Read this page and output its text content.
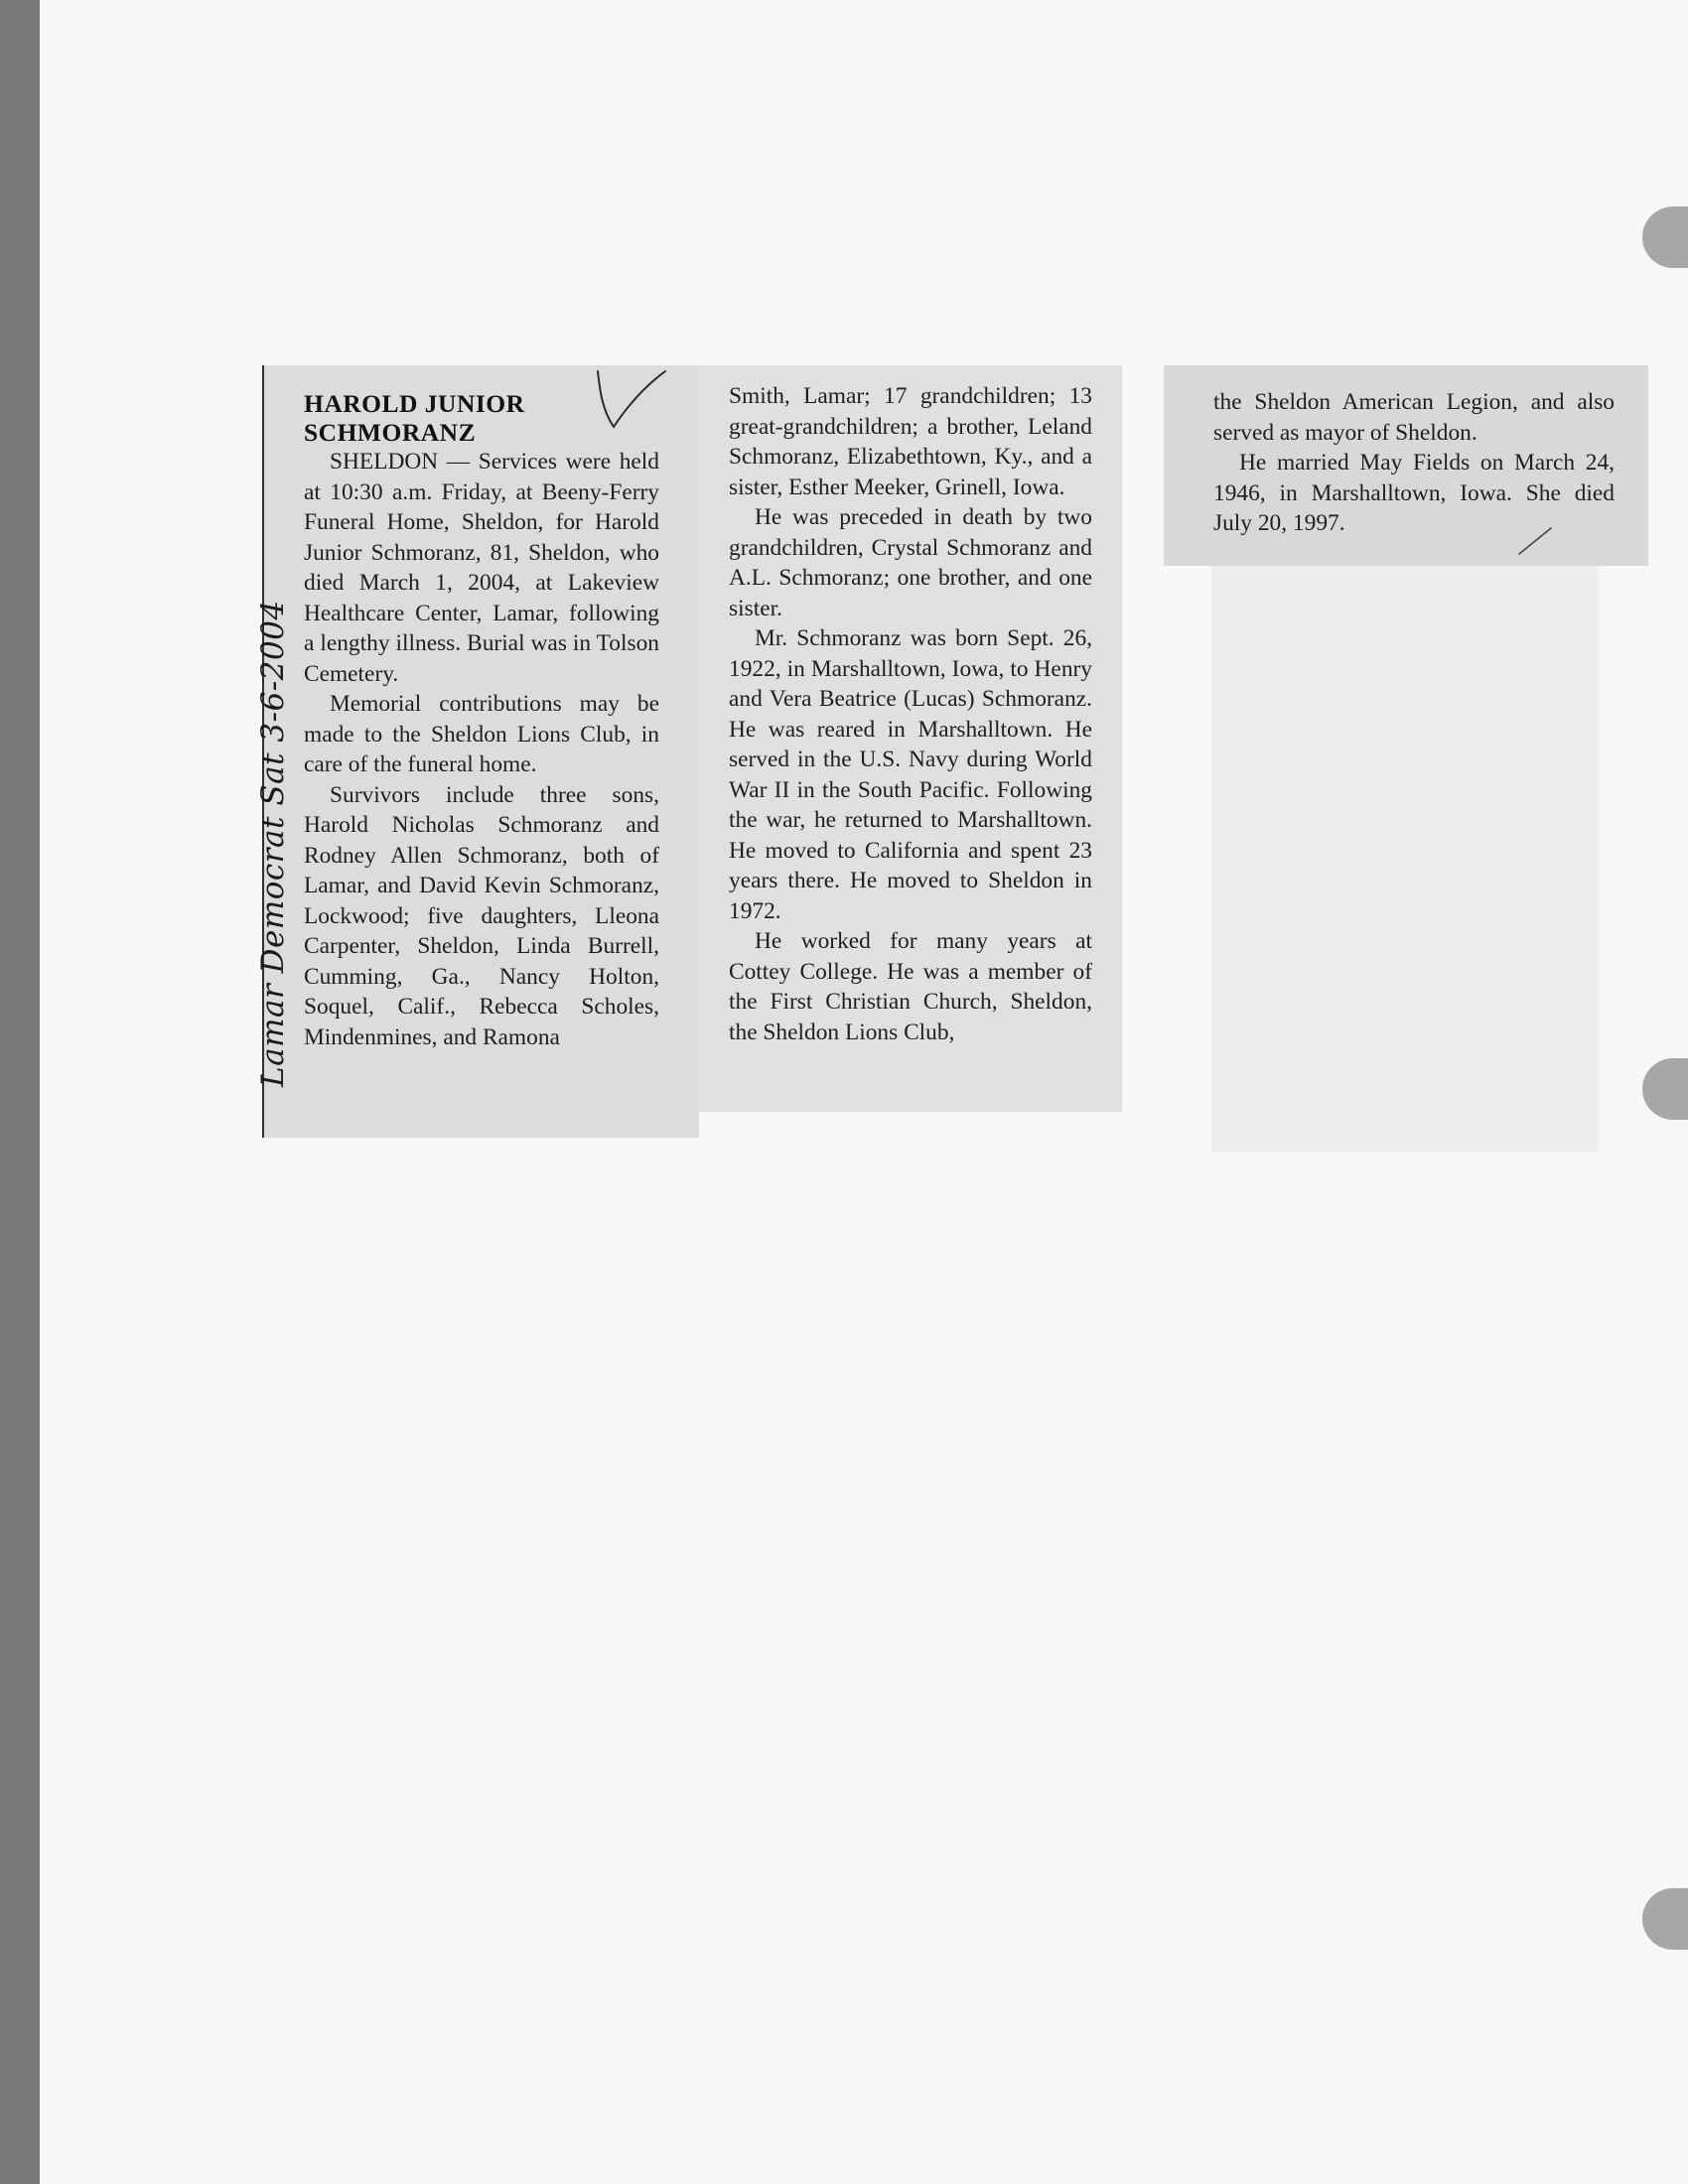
HAROLD JUNIOR
SCHMORANZ

SHELDON — Services were held at 10:30 a.m. Friday, at Beeny-Ferry Funeral Home, Sheldon, for Harold Junior Schmoranz, 81, Sheldon, who died March 1, 2004, at Lakeview Healthcare Center, Lamar, following a lengthy illness. Burial was in Tolson Cemetery.

Memorial contributions may be made to the Sheldon Lions Club, in care of the funeral home.

Survivors include three sons, Harold Nicholas Schmoranz and Rodney Allen Schmoranz, both of Lamar, and David Kevin Schmoranz, Lockwood; five daughters, Lleona Carpenter, Sheldon, Linda Burrell, Cumming, Ga., Nancy Holton, Soquel, Calif., Rebecca Scholes, Mindenmines, and Ramona

Smith, Lamar; 17 grandchildren; 13 great-grandchildren; a brother, Leland Schmoranz, Elizabethtown, Ky., and a sister, Esther Meeker, Grinell, Iowa.

He was preceded in death by two grandchildren, Crystal Schmoranz and A.L. Schmoranz; one brother, and one sister.

Mr. Schmoranz was born Sept. 26, 1922, in Marshalltown, Iowa, to Henry and Vera Beatrice (Lucas) Schmoranz. He was reared in Marshalltown. He served in the U.S. Navy during World War II in the South Pacific. Following the war, he returned to Marshalltown. He moved to California and spent 23 years there. He moved to Sheldon in 1972.

He worked for many years at Cottey College. He was a member of the First Christian Church, Sheldon, the Sheldon Lions Club,

the Sheldon American Legion, and also served as mayor of Sheldon.

He married May Fields on March 24, 1946, in Marshalltown, Iowa. She died July 20, 1997.

Lamar Democrat Sat 3-6-2004
